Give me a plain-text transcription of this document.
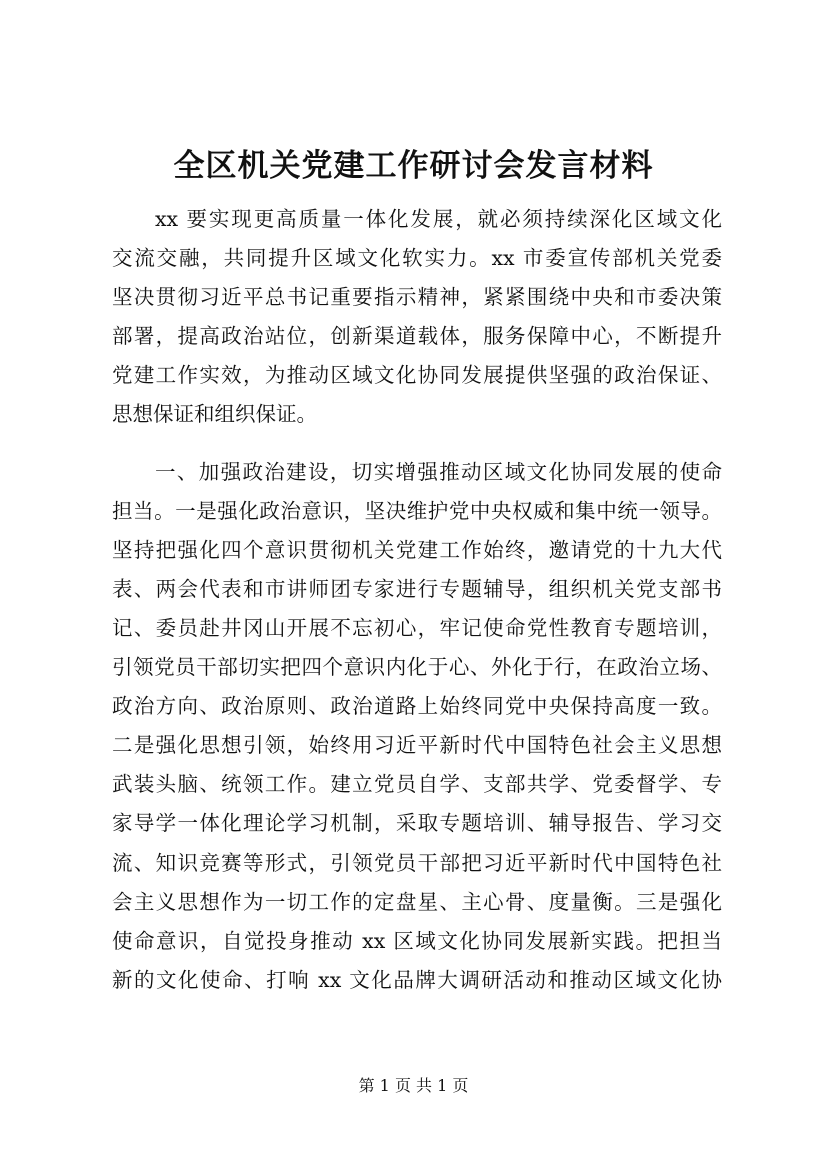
全区机关党建工作研讨会发言材料
xx 要实现更高质量一体化发展，就必须持续深化区域文化
交流交融，共同提升区域文化软实力。xx 市委宣传部机关党委
坚决贯彻习近平总书记重要指示精神，紧紧围绕中央和市委决策
部署，提高政治站位，创新渠道载体，服务保障中心，不断提升
党建工作实效，为推动区域文化协同发展提供坚强的政治保证、
思想保证和组织保证。
一、加强政治建设，切实增强推动区域文化协同发展的使命
担当。一是强化政治意识，坚决维护党中央权威和集中统一领导。
坚持把强化四个意识贯彻机关党建工作始终，邀请党的十九大代
表、两会代表和市讲师团专家进行专题辅导，组织机关党支部书
记、委员赴井冈山开展不忘初心，牢记使命党性教育专题培训，
引领党员干部切实把四个意识内化于心、外化于行，在政治立场、
政治方向、政治原则、政治道路上始终同党中央保持高度一致。
二是强化思想引领，始终用习近平新时代中国特色社会主义思想
武装头脑、统领工作。建立党员自学、支部共学、党委督学、专
家导学一体化理论学习机制，采取专题培训、辅导报告、学习交
流、知识竞赛等形式，引领党员干部把习近平新时代中国特色社
会主义思想作为一切工作的定盘星、主心骨、度量衡。三是强化
使命意识，自觉投身推动 xx 区域文化协同发展新实践。把担当
新的文化使命、打响 xx 文化品牌大调研活动和推动区域文化协
第 1 页 共 1 页
